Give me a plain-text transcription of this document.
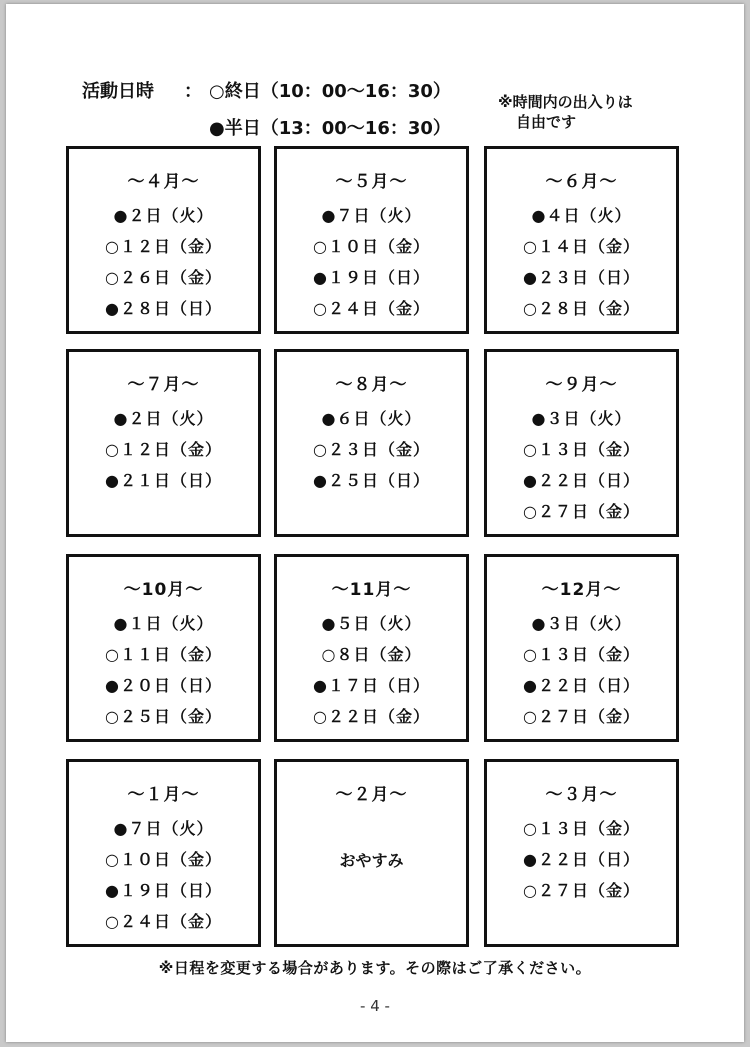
活動日時 ： ○終日（10：00～16：30）
●半日（13：00～16：30）
※時間内の出入りは
自由です
～４月～
●２日（火）
○１２日（金）
○２６日（金）
●２８日（日）
～５月～
●７日（火）
○１０日（金）
●１９日（日）
○２４日（金）
～６月～
●４日（火）
○１４日（金）
●２３日（日）
○２８日（金）
～７月～
●２日（火）
○１２日（金）
●２１日（日）
～８月～
●６日（火）
○２３日（金）
●２５日（日）
～９月～
●３日（火）
○１３日（金）
●２２日（日）
○２７日（金）
～10月～
●１日（火）
○１１日（金）
●２０日（日）
○２５日（金）
～11月～
●５日（火）
○８日（金）
●１７日（日）
○２２日（金）
～12月～
●３日（火）
○１３日（金）
●２２日（日）
○２７日（金）
～１月～
●７日（火）
○１０日（金）
●１９日（日）
○２４日（金）
～２月～
おやすみ
～３月～
○１３日（金）
●２２日（日）
○２７日（金）
※日程を変更する場合があります。その際はご了承ください。
- 4 -
